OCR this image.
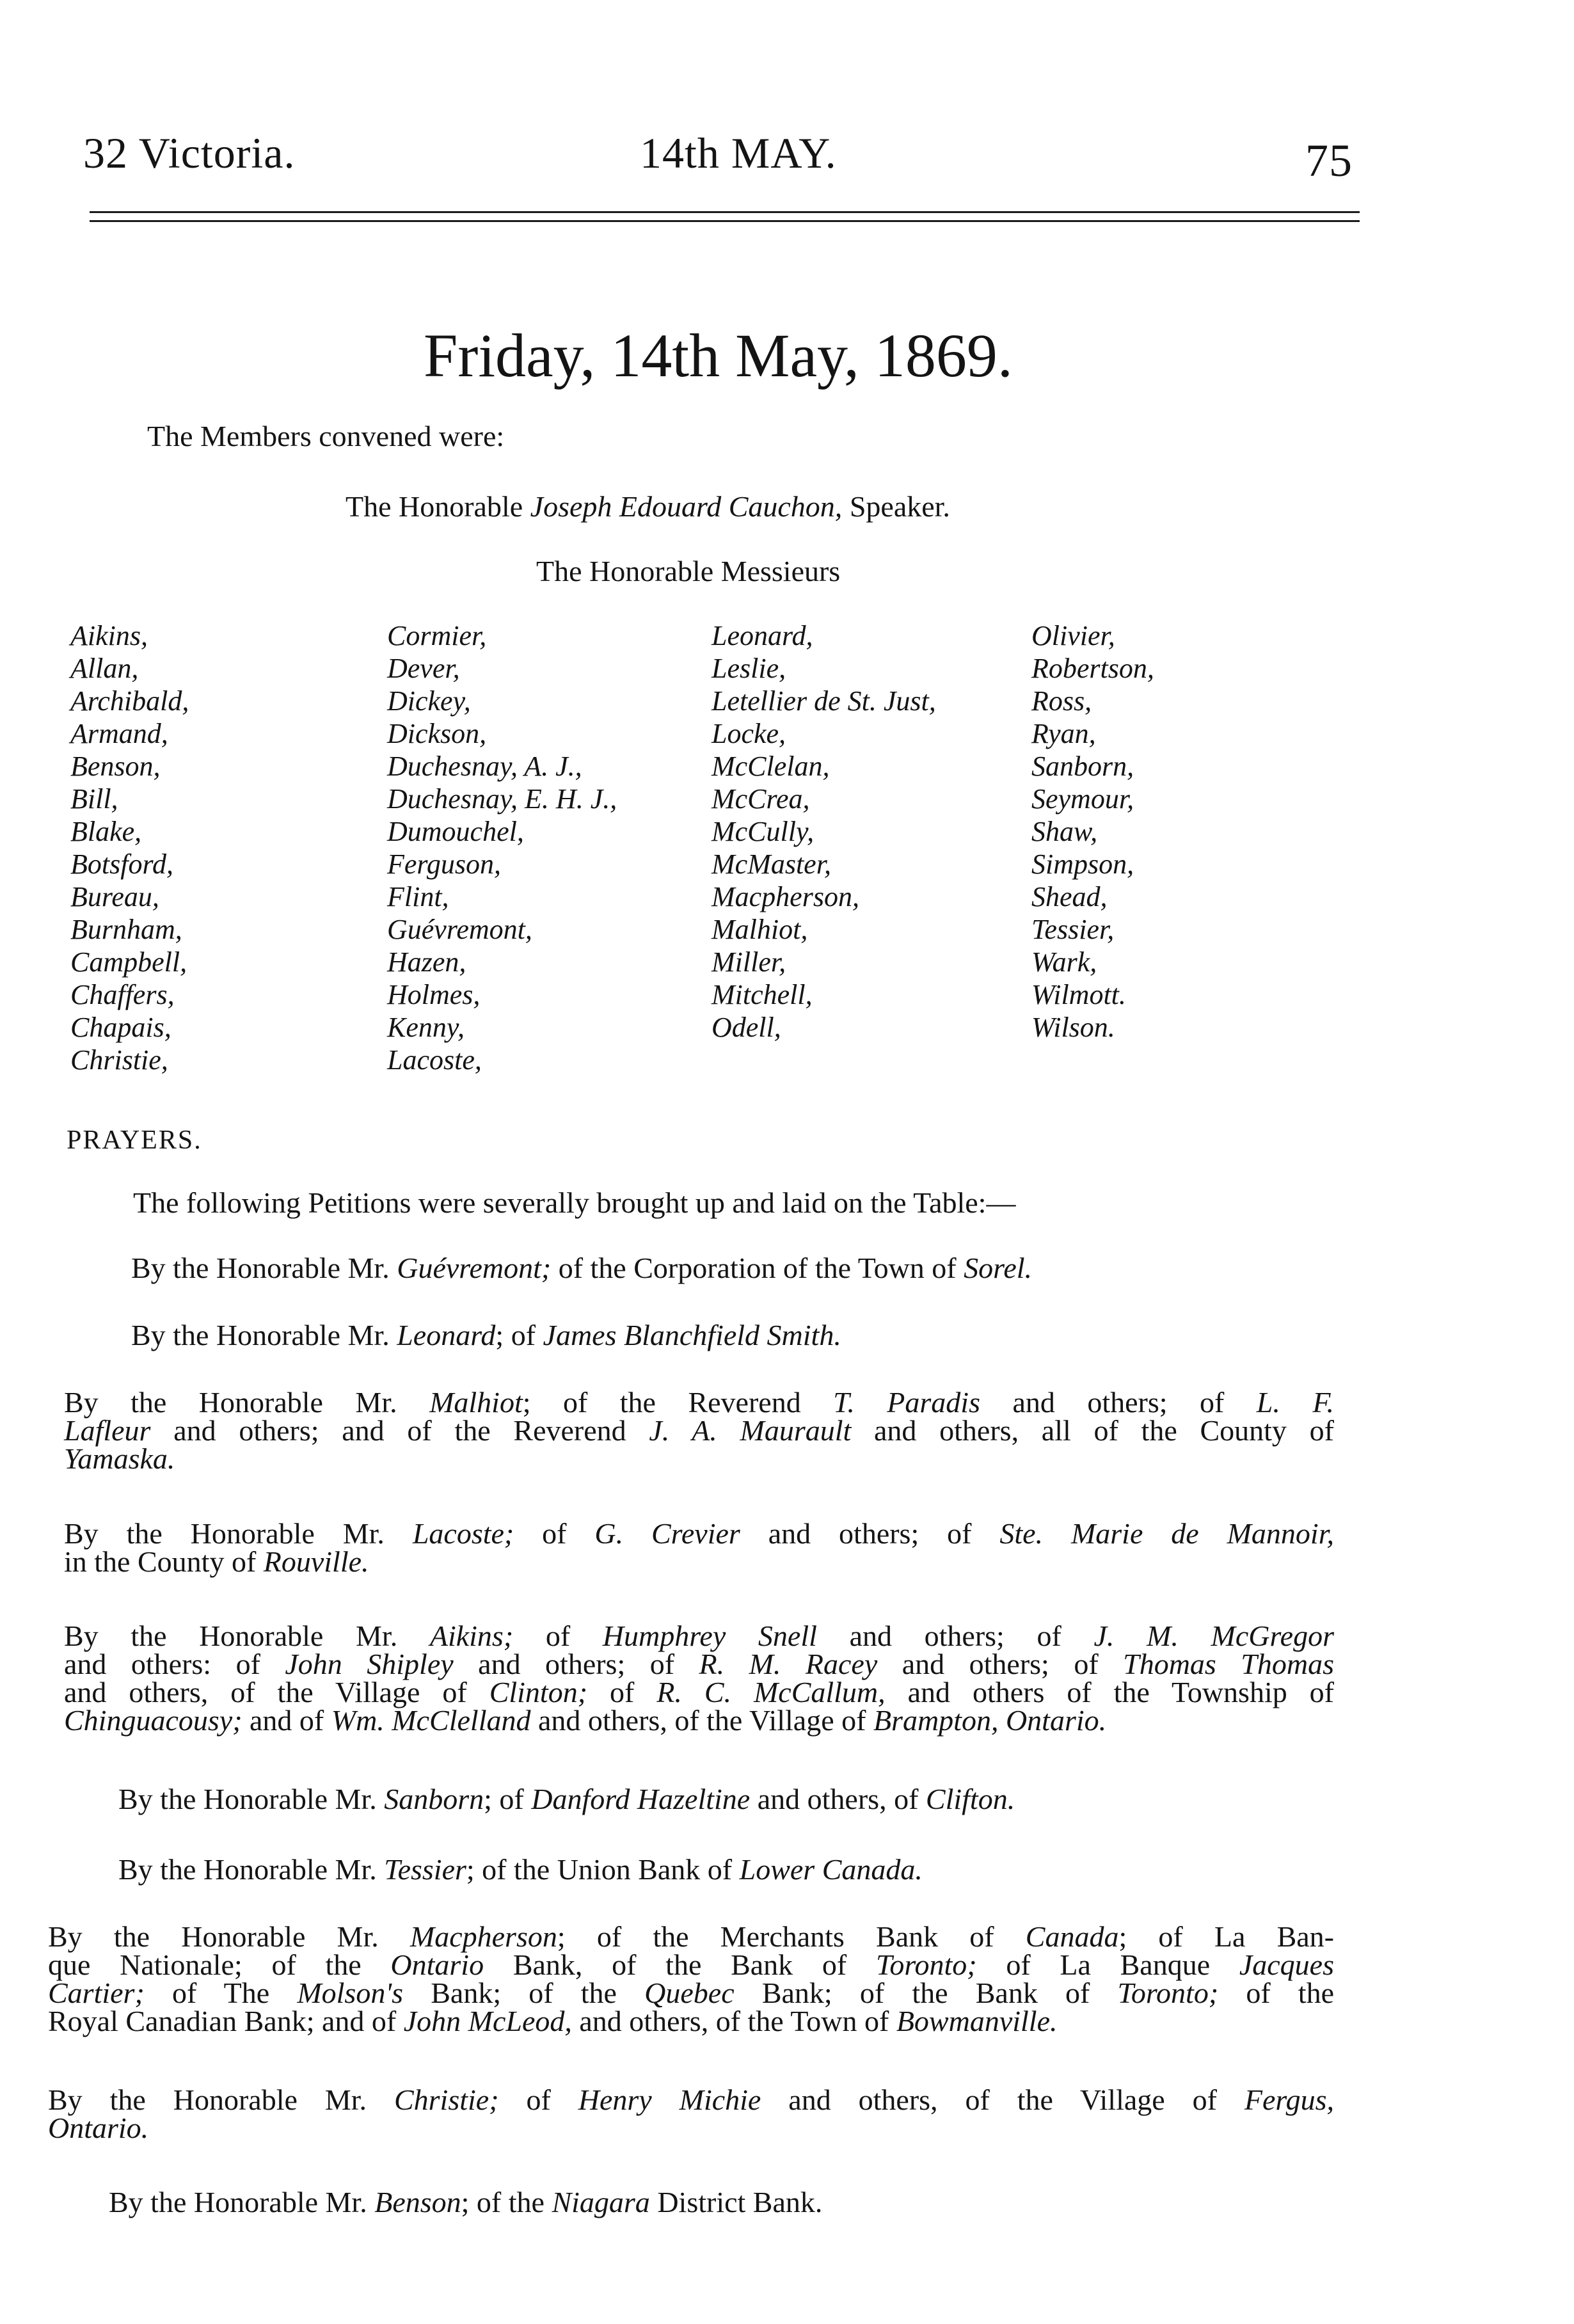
32 Victoria.	14th MAY.	75
Friday, 14th May, 1869.
The Members convened were:
The Honorable Joseph Edouard Cauchon, Speaker.
The Honorable Messieurs
Aikins,
Allan,
Archibald,
Armand,
Benson,
Bill,
Blake,
Botsford,
Bureau,
Burnham,
Campbell,
Chaffers,
Chapais,
Christie,
Cormier,
Dever,
Dickey,
Dickson,
Duchesnay, A. J.,
Duchesnay, E. H. J.,
Dumouchel,
Ferguson,
Flint,
Guévremont,
Hazen,
Holmes,
Kenny,
Lacoste,
Leonard,
Leslie,
Letellier de St. Just,
Locke,
McClelan,
McCrea,
McCully,
McMaster,
Macpherson,
Malhiot,
Miller,
Mitchell,
Odell,
Olivier,
Robertson,
Ross,
Ryan,
Sanborn,
Seymour,
Shaw,
Simpson,
Shead,
Tessier,
Wark,
Wilmott.
Wilson.
PRAYERS.
The following Petitions were severally brought up and laid on the Table:—
By the Honorable Mr. Guévremont; of the Corporation of the Town of Sorel.
By the Honorable Mr. Leonard; of James Blanchfield Smith.
By the Honorable Mr. Malhiot; of the Reverend T. Paradis and others; of L. F.
Lafleur and others; and of the Reverend J. A. Maurault and others, all of the County of
Yamaska.
By the Honorable Mr. Lacoste; of G. Crevier and others; of Ste. Marie de Mannoir,
in the County of Rouville.
By the Honorable Mr. Aikins; of Humphrey Snell and others; of J. M. McGregor
and others: of John Shipley and others; of R. M. Racey and others; of Thomas Thomas
and others, of the Village of Clinton; of R. C. McCallum, and others of the Township of
Chinguacousy; and of Wm. McClelland and others, of the Village of Brampton, Ontario.
By the Honorable Mr. Sanborn; of Danford Hazeltine and others, of Clifton.
By the Honorable Mr. Tessier; of the Union Bank of Lower Canada.
By the Honorable Mr. Macpherson; of the Merchants Bank of Canada; of La Ban-
que Nationale; of the Ontario Bank, of the Bank of Toronto; of La Banque Jacques
Cartier; of The Molson's Bank; of the Quebec Bank; of the Bank of Toronto; of the
Royal Canadian Bank; and of John McLeod, and others, of the Town of Bowmanville.
By the Honorable Mr. Christie; of Henry Michie and others, of the Village of Fergus,
Ontario.
By the Honorable Mr. Benson; of the Niagara District Bank.
